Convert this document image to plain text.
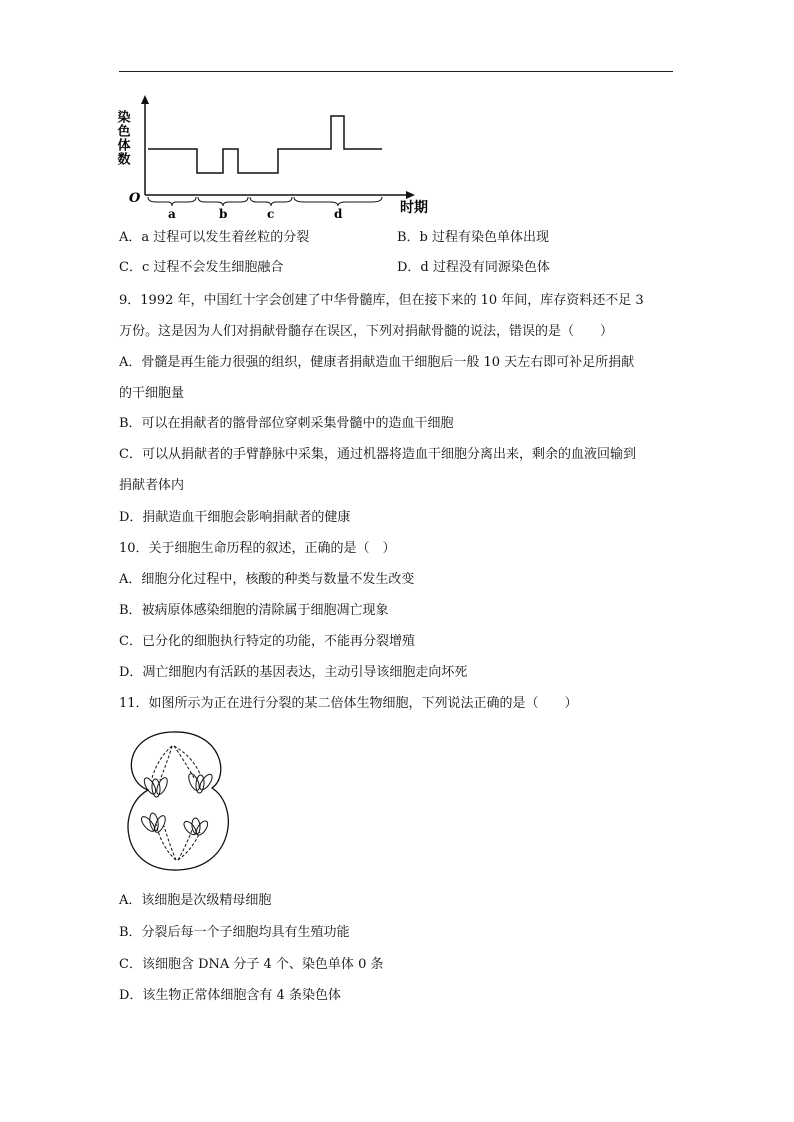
染色体数
O
时期
a	b	c	d
A．a 过程可以发生着丝粒的分裂	B．b 过程有染色单体出现
C．c 过程不会发生细胞融合	D．d 过程没有同源染色体
9．1992 年，中国红十字会创建了中华骨髓库，但在接下来的 10 年间，库存资料还不足 3
万份。这是因为人们对捐献骨髓存在误区，下列对捐献骨髓的说法，错误的是（　　）
A．骨髓是再生能力很强的组织，健康者捐献造血干细胞后一般 10 天左右即可补足所捐献
的干细胞量
B．可以在捐献者的髂骨部位穿刺采集骨髓中的造血干细胞
C．可以从捐献者的手臂静脉中采集，通过机器将造血干细胞分离出来，剩余的血液回输到
捐献者体内
D．捐献造血干细胞会影响捐献者的健康
10．关于细胞生命历程的叙述，正确的是（　）
A．细胞分化过程中，核酸的种类与数量不发生改变
B．被病原体感染细胞的清除属于细胞凋亡现象
C．已分化的细胞执行特定的功能，不能再分裂增殖
D．凋亡细胞内有活跃的基因表达，主动引导该细胞走向坏死
11．如图所示为正在进行分裂的某二倍体生物细胞，下列说法正确的是（　　）
A．该细胞是次级精母细胞
B．分裂后每一个子细胞均具有生殖功能
C．该细胞含 DNA 分子 4 个、染色单体 0 条
D．该生物正常体细胞含有 4 条染色体
